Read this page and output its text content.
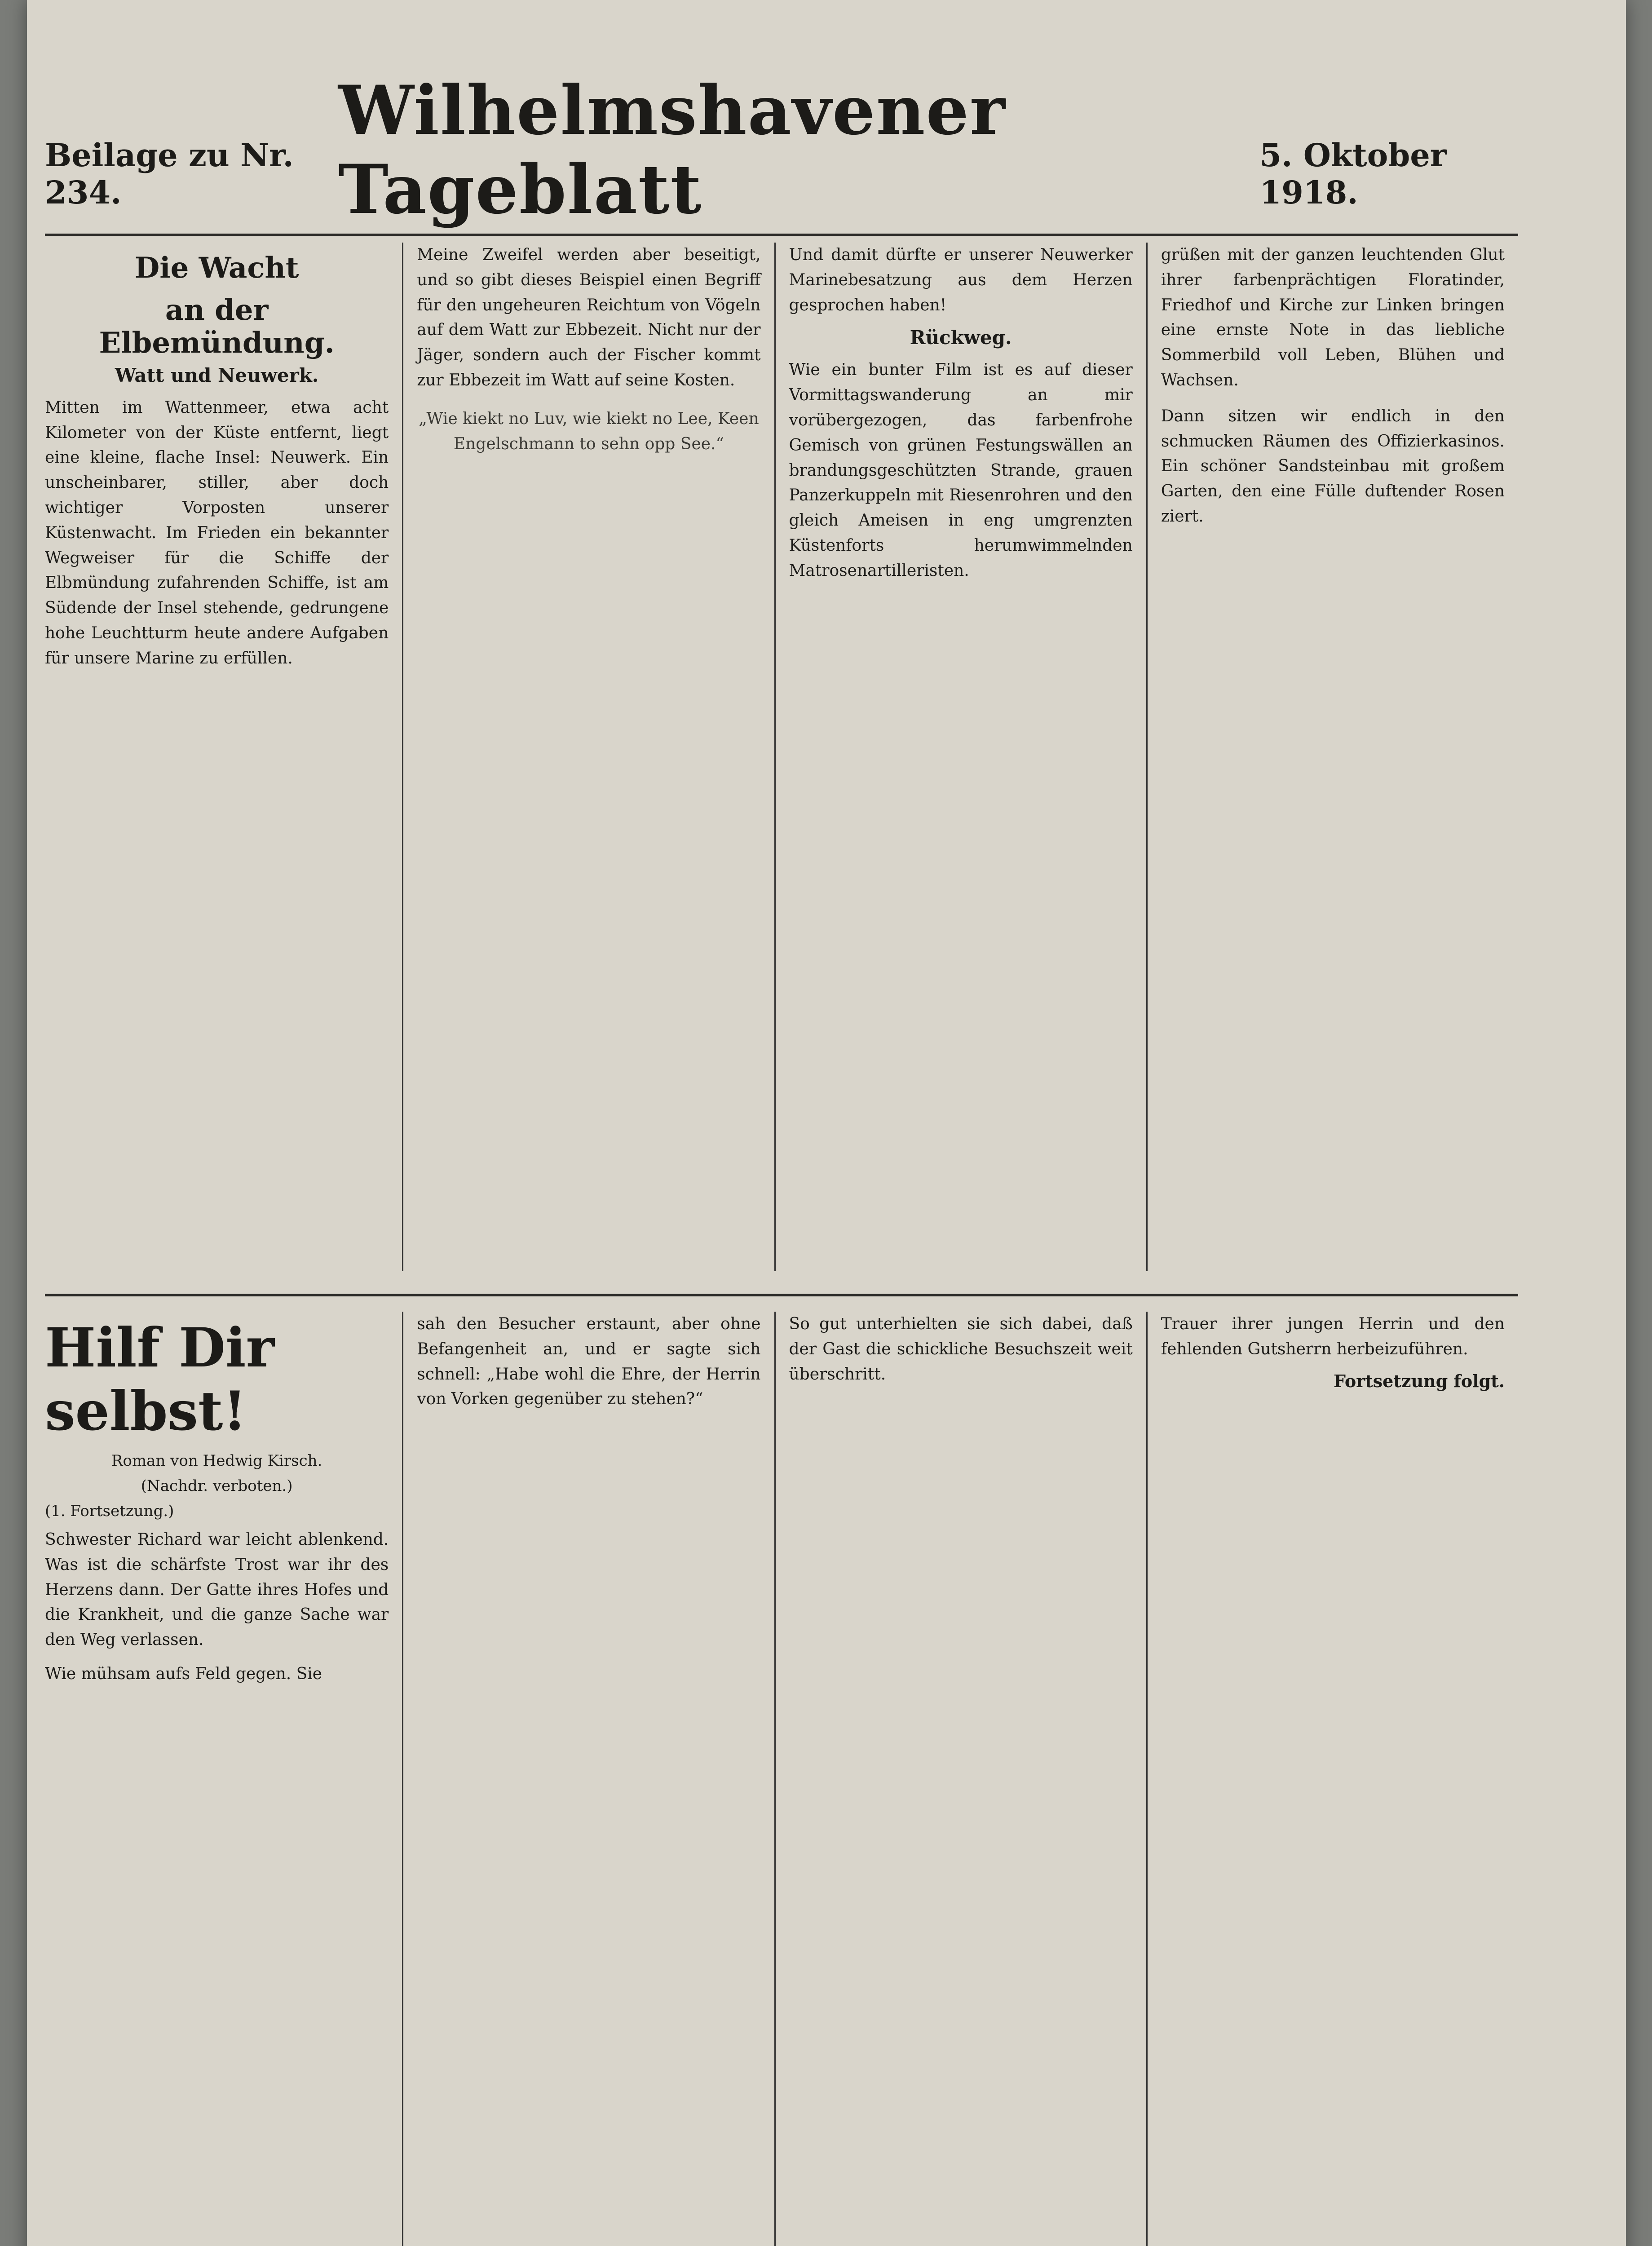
Beilage zu Nr. 234.
Wilhelmshavener Tageblatt	5. Oktober 1918.
Die Wacht
an der Elbemündung.
Watt und Neuwerk.
Mitten im Wattenmeer, etwa acht Kilometer von der Küste entfernt, liegt eine kleine, flache Insel: Neuwerk. Ein unscheinbarer, stiller, aber doch wichtiger Vorposten unserer Küstenwacht. Im Frieden ein bekannter Wegweiser für die Schiffe der Elbmündung zufahrenden Schiffe, ist am Südende der Insel stehende, gedrungene hohe Leuchtturm heute andere Aufgaben für unsere Marine zu erfüllen.
Meine Zweifel werden aber beseitigt, und so gibt dieses Beispiel einen Begriff für den ungeheuren Reichtum von Vögeln auf dem Watt zur Ebbezeit. Nicht nur der Jäger, sondern auch der Fischer kommt zur Ebbezeit im Watt auf seine Kosten.
„Wie kiekt no Luv, wie kiekt no Lee, Keen Engelschmann to sehn opp See.“
Und damit dürfte er unserer Neuwerker Marinebesatzung aus dem Herzen gesprochen haben!
Rückweg.
Wie ein bunter Film ist es auf dieser Vormittagswanderung an mir vorübergezogen, das farbenfrohe Gemisch von grünen Festungswällen an brandungsgeschützten Strande, grauen Panzerkuppeln mit Riesenrohren und den gleich Ameisen in eng umgrenzten Küstenforts herumwimmelnden Matrosenartilleristen.
grüßen mit der ganzen leuchtenden Glut ihrer farbenprächtigen Floratinder, Friedhof und Kirche zur Linken bringen eine ernste Note in das liebliche Sommerbild voll Leben, Blühen und Wachsen.
Dann sitzen wir endlich in den schmucken Räumen des Offizierkasinos. Ein schöner Sandsteinbau mit großem Garten, den eine Fülle duftender Rosen ziert.
Hilf Dir selbst!
Roman von Hedwig Kirsch.
(Nachdr. verboten.)
(1. Fortsetzung.)
Schwester Richard war leicht ablenkend. Was ist die schärfste Trost war ihr des Herzens dann. Der Gatte ihres Hofes und die Krankheit, und die ganze Sache war den Weg verlassen.
Wie mühsam aufs Feld gegen. Sie
sah den Besucher erstaunt, aber ohne Befangenheit an, und er sagte sich schnell: „Habe wohl die Ehre, der Herrin von Vorken gegenüber zu stehen?“
So gut unterhielten sie sich dabei, daß der Gast die schickliche Besuchszeit weit überschritt.
Trauer ihrer jungen Herrin und den fehlenden Gutsherrn herbeizuführen.
Fortsetzung folgt.
